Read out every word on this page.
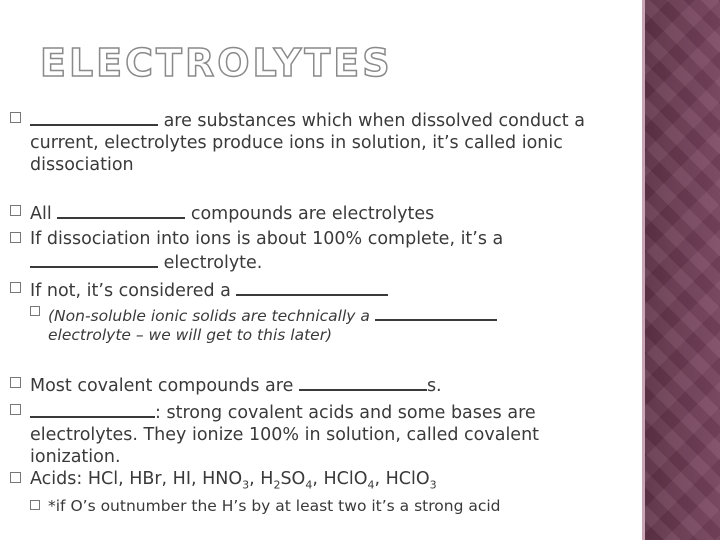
ELECTROLYTES
are substances which when dissolved conduct a
current, electrolytes produce ions in solution, it’s called ionic
dissociation
All	compounds are electrolytes
If dissociation into ions is about 100% complete, it’s a
electrolyte.
If not, it’s considered a
(Non-soluble ionic solids are technically a
electrolyte – we will get to this later)
Most covalent compounds are	s.
: strong covalent acids and some bases are
electrolytes. They ionize 100% in solution, called covalent
ionization.
Acids: HCl, HBr, HI, $HNO_3$, $H_2SO_4$, HClO$_4$, HClO$_3$
*if O’s outnumber the H’s by at least two it’s a strong acid
